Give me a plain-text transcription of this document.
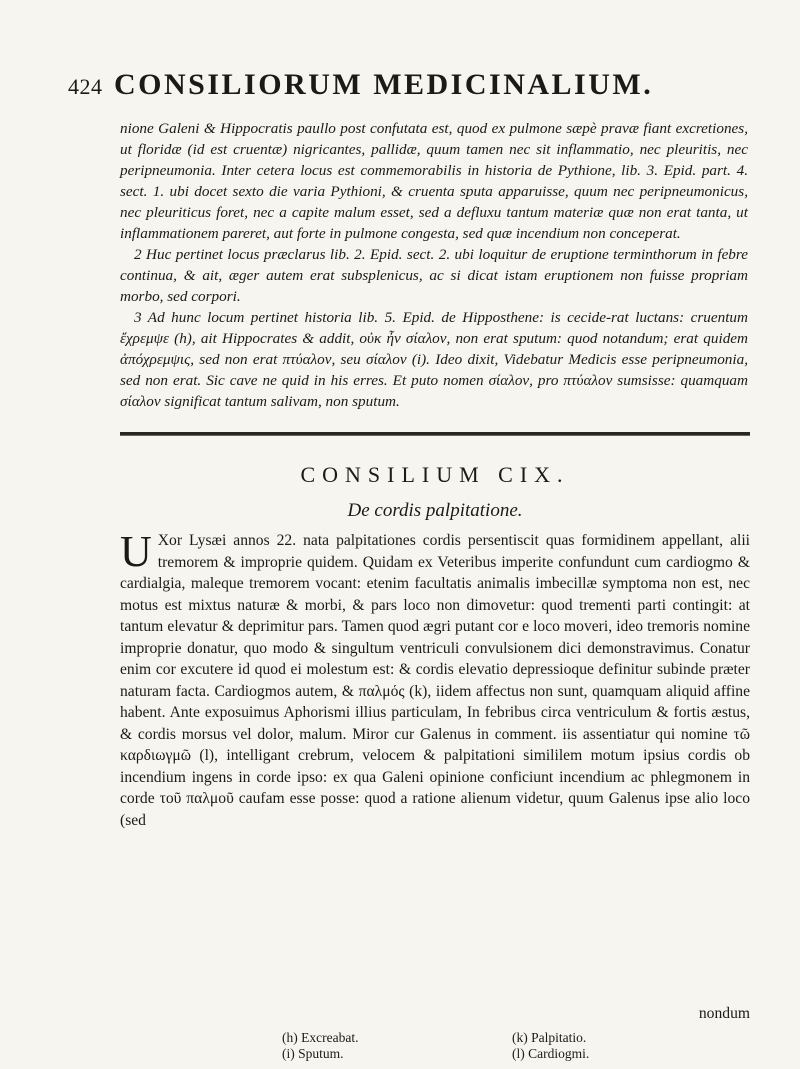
424 CONSILIORUM MEDICINALIUM.

nione Galeni & Hippocratis paullo post confutata est, quod ex pulmone sæpè pravæ fiant excretiones, ut floridæ (id est cruentæ) nigricantes, pallidæ, quum tamen nec sit inflammatio, nec pleuritis, nec peripneumonia. Inter cetera locus est commemorabilis in historia de Pythione, lib. 3. Epid. part. 4. sect. 1. ubi docet sexto die varia Pythioni, & cruenta sputa apparuisse, quum nec peripneumonicus, nec pleuriticus foret, nec a capite malum esset, sed a defluxu tantum materiæ quæ non erat tanta, ut inflammationem pareret, aut forte in pulmone congesta, sed quæ incendium non conceperat.

2 Huc pertinet locus præclarus lib. 2. Epid. sect. 2. ubi loquitur de eruptione terminthorum in febre continua, & ait, æger autem erat subsplenicus, ac si dicat istam eruptionem non fuisse propriam morbo, sed corpori.

3 Ad hunc locum pertinet historia lib. 5. Epid. de Hipposthene: is cecide-rat luctans: cruentum ἔχρεμψε (h), ait Hippocrates & addit, οὐκ ἦν σίαλον, non erat sputum: quod notandum; erat quidem ἀπόχρεμψις, sed non erat πτύαλον, seu σίαλον (i). Ideo dixit, Videbatur Medicis esse peripneumonia, sed non erat. Sic cave ne quid in his erres. Et puto nomen σίαλον, pro πτύαλον sumsisse: quamquam σίαλον significat tantum salivam, non sputum.

CONSILIUM CIX.
De cordis palpitatione.
U Xor Lysæi annos 22. nata palpitationes cordis persentiscit quas formidinem appellant, alii tremorem & improprie quidem. Quidam ex Veteribus imperite confundunt cum cardiogmo & cardialgia, maleque tremorem vocant: etenim facultatis animalis imbecillæ symptoma non est, nec motus est mixtus naturæ & morbi, & pars loco non dimovetur: quod trementi parti contingit: at tantum elevatur & deprimitur pars. Tamen quod ægri putant cor e loco moveri, ideo tremoris nomine improprie donatur, quo modo & singultum ventriculi convulsionem dici demonstravimus. Conatur enim cor excutere id quod ei molestum est: & cordis elevatio depressioque definitur subinde præter naturam facta. Cardiogmos autem, & παλμός (k), iidem affectus non sunt, quamquam aliquid affine habent. Ante exposuimus Aphorismi illius particulam, In febribus circa ventriculum & fortis æstus, & cordis morsus vel dolor, malum. Miror cur Galenus in comment. iis assentiatur qui nomine τῶ καρδιωγμῶ (l), intelligant crebrum, velocem & palpitationi simililem motum ipsius cordis ob incendium ingens in corde ipso: ex qua Galeni opinione conficiunt incendium ac phlegmonem in corde τοῦ παλμοῦ caufam esse posse: quod a ratione alienum videtur, quum Galenus ipse alio loco (sed

nondum
(h) Excreabat.	(k) Palpitatio.
(i) Sputum.	(l) Cardiogmi.
